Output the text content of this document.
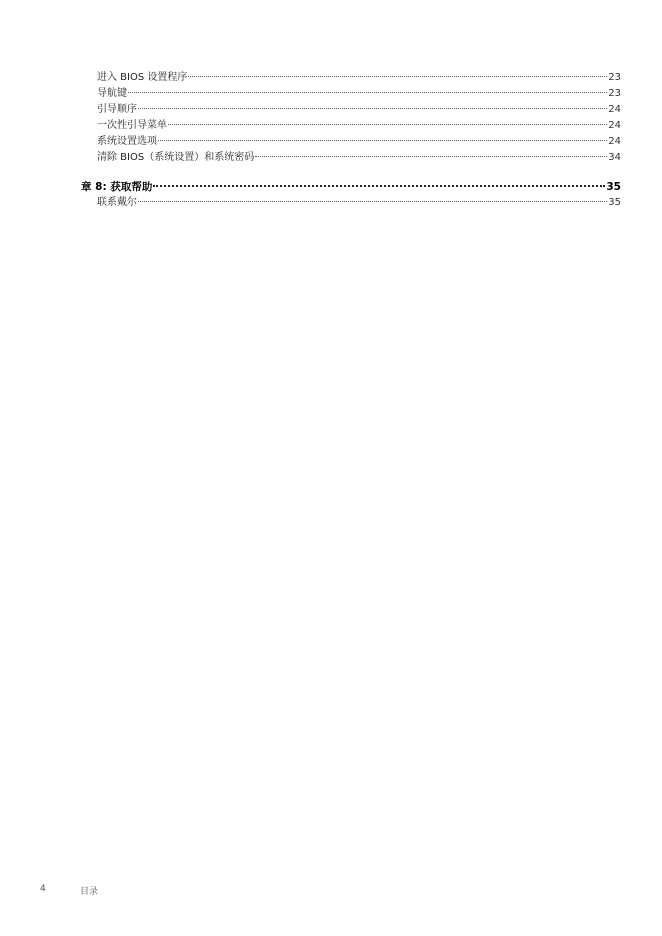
进入 BIOS 设置程序	23
导航键	23
引导顺序	24
一次性引导菜单	24
系统设置选项	24
清除 BIOS（系统设置）和系统密码	34
章 8: 获取帮助	35
联系戴尔	35
4	目录
